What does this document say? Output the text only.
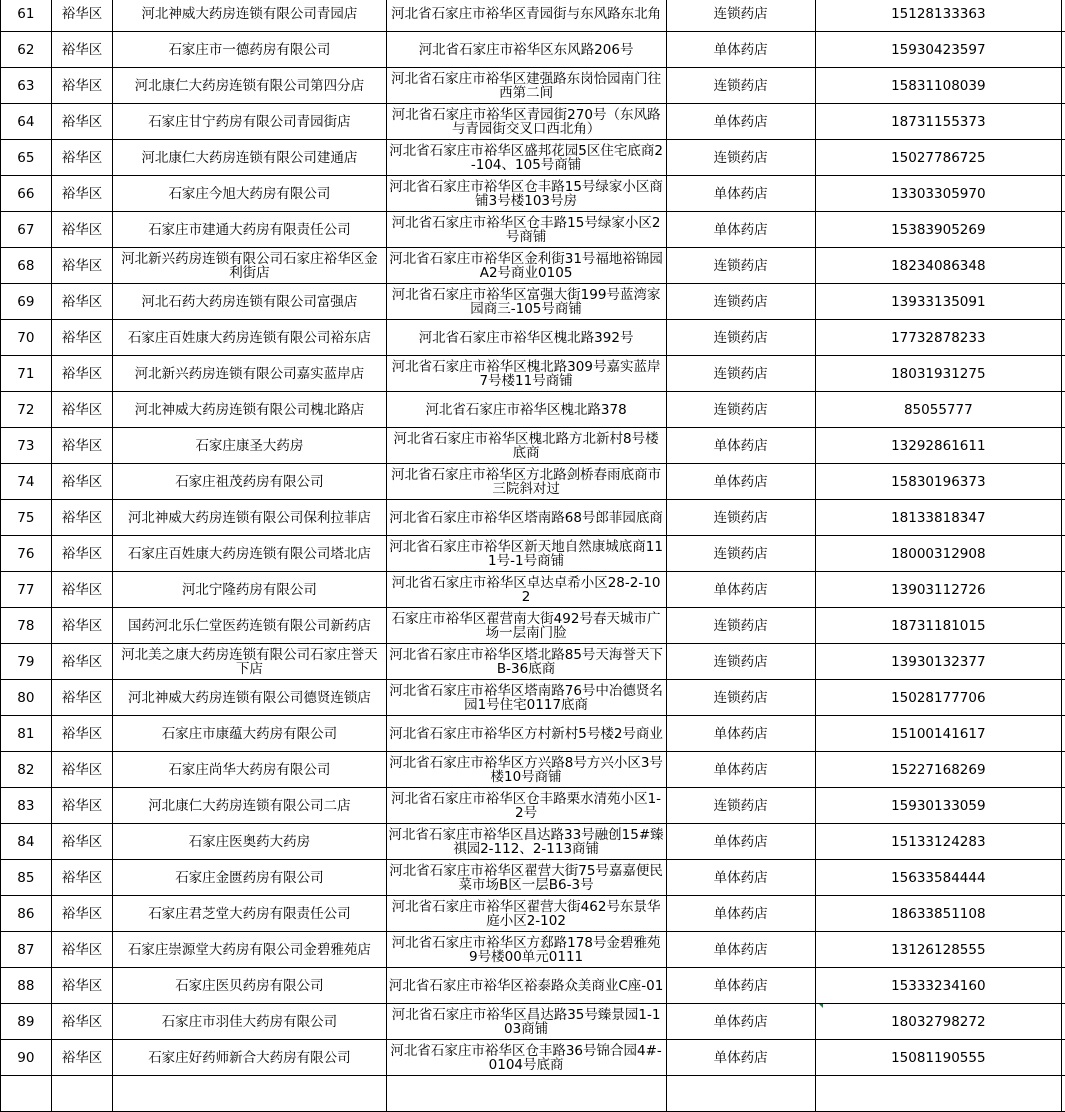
61	裕华区	河北神威大药房连锁有限公司青园店	河北省石家庄市裕华区青园街与东风路东北角	连锁药店	15128133363	

62	裕华区	石家庄市一德药房有限公司	河北省石家庄市裕华区东风路206号	单体药店	15930423597	

63	裕华区	河北康仁大药房连锁有限公司第四分店	河北省石家庄市裕华区建强路东岗恰园南门往西第二间	连锁药店	15831108039	

64	裕华区	石家庄甘宁药房有限公司青园街店	河北省石家庄市裕华区青园街270号（东风路与青园街交叉口西北角）	单体药店	18731155373	

65	裕华区	河北康仁大药房连锁有限公司建通店	河北省石家庄市裕华区盛邦花园5区住宅底商2-104、105号商铺	连锁药店	15027786725	

66	裕华区	石家庄今旭大药房有限公司	河北省石家庄市裕华区仓丰路15号绿家小区商铺3号楼103号房	单体药店	13303305970	

67	裕华区	石家庄市建通大药房有限责任公司	河北省石家庄市裕华区仓丰路15号绿家小区2号商铺	单体药店	15383905269	

68	裕华区	河北新兴药房连锁有限公司石家庄裕华区金利街店	河北省石家庄市裕华区金利街31号福地裕锦园A2号商业0105	连锁药店	18234086348	

69	裕华区	河北石药大药房连锁有限公司富强店	河北省石家庄市裕华区富强大街199号蓝湾家园商三-105号商铺	连锁药店	13933135091	

70	裕华区	石家庄百姓康大药房连锁有限公司裕东店	河北省石家庄市裕华区槐北路392号	连锁药店	17732878233	

71	裕华区	河北新兴药房连锁有限公司嘉实蓝岸店	河北省石家庄市裕华区槐北路309号嘉实蓝岸7号楼11号商铺	连锁药店	18031931275	

72	裕华区	河北神威大药房连锁有限公司槐北路店	河北省石家庄市裕华区槐北路378	连锁药店	85055777	

73	裕华区	石家庄康圣大药房	河北省石家庄市裕华区槐北路方北新村8号楼底商	单体药店	13292861611	

74	裕华区	石家庄祖茂药房有限公司	河北省石家庄市裕华区方北路剑桥春雨底商市三院斜对过	单体药店	15830196373	

75	裕华区	河北神威大药房连锁有限公司保利拉菲店	河北省石家庄市裕华区塔南路68号郎菲园底商	连锁药店	18133818347	

76	裕华区	石家庄百姓康大药房连锁有限公司塔北店	河北省石家庄市裕华区新天地自然康城底商111号-1号商铺	连锁药店	18000312908	

77	裕华区	河北宁隆药房有限公司	河北省石家庄市裕华区卓达卓希小区28-2-102	单体药店	13903112726	

78	裕华区	国药河北乐仁堂医药连锁有限公司新药店	石家庄市裕华区翟营南大街492号春天城市广场一层南门脸	连锁药店	18731181015	

79	裕华区	河北美之康大药房连锁有限公司石家庄誉天下店	河北省石家庄市裕华区塔北路85号天海誉天下B-36底商	连锁药店	13930132377	

80	裕华区	河北神威大药房连锁有限公司德贤连锁店	河北省石家庄市裕华区塔南路76号中冶德贤名园1号住宅0117底商	连锁药店	15028177706	

81	裕华区	石家庄市康蕴大药房有限公司	河北省石家庄市裕华区方村新村5号楼2号商业	单体药店	15100141617	

82	裕华区	石家庄尚华大药房有限公司	河北省石家庄市裕华区方兴路8号方兴小区3号楼10号商铺	单体药店	15227168269	

83	裕华区	河北康仁大药房连锁有限公司二店	河北省石家庄市裕华区仓丰路栗水清苑小区1-2号	连锁药店	15930133059	

84	裕华区	石家庄医奥药大药房	河北省石家庄市裕华区昌达路33号融创15#臻祺园2-112、2-113商铺	单体药店	15133124283	

85	裕华区	石家庄金匮药房有限公司	河北省石家庄市裕华区翟营大街75号嘉嘉便民菜市场B区一层B6-3号	单体药店	15633584444	

86	裕华区	石家庄君芝堂大药房有限责任公司	河北省石家庄市裕华区翟营大街462号东景华庭小区2-102	单体药店	18633851108	

87	裕华区	石家庄崇源堂大药房有限公司金碧雅苑店	河北省石家庄市裕华区方郄路178号金碧雅苑9号楼00单元0111	单体药店	13126128555	

88	裕华区	石家庄医贝药房有限公司	河北省石家庄市裕华区裕泰路众美商业C座-01	单体药店	15333234160	

89	裕华区	石家庄市羽佳大药房有限公司	河北省石家庄市裕华区昌达路35号臻景园1-103商铺	单体药店	18032798272	

90	裕华区	石家庄好药师新合大药房有限公司	河北省石家庄市裕华区仓丰路36号锦合园4#-0104号底商	单体药店	15081190555	
